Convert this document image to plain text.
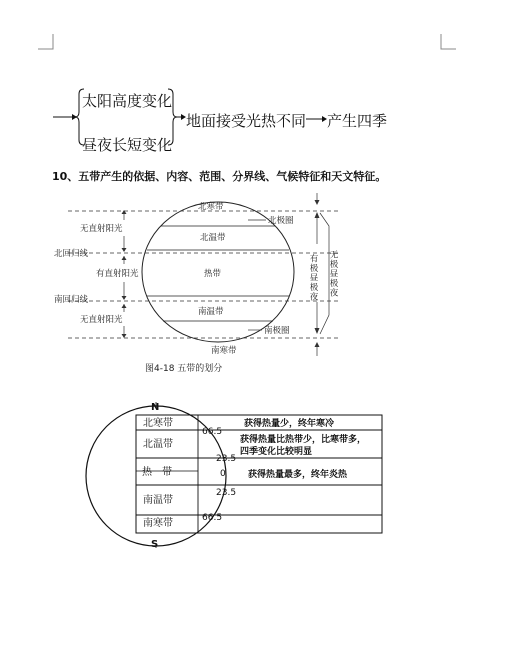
太阳高度变化
昼夜长短变化
地面接受光热不同 产生四季
10、五带产生的依据、内容、范围、分界线、气候特征和天文特征。
北寒带
北温带
热带
南温带
南寒带
北极圈
南极圈
北回归线
南回归线
无直射阳光
有直射阳光
无直射阳光
有极昼极夜 无极昼极夜
图4-18 五带的划分
N
S
北寒带
北温带
热　带
南温带
南寒带
66.5
23.5
0
23.5
66.5
获得热量少，终年寒冷
获得热量比热带少，比寒带多，
四季变化比较明显
获得热量最多，终年炎热
